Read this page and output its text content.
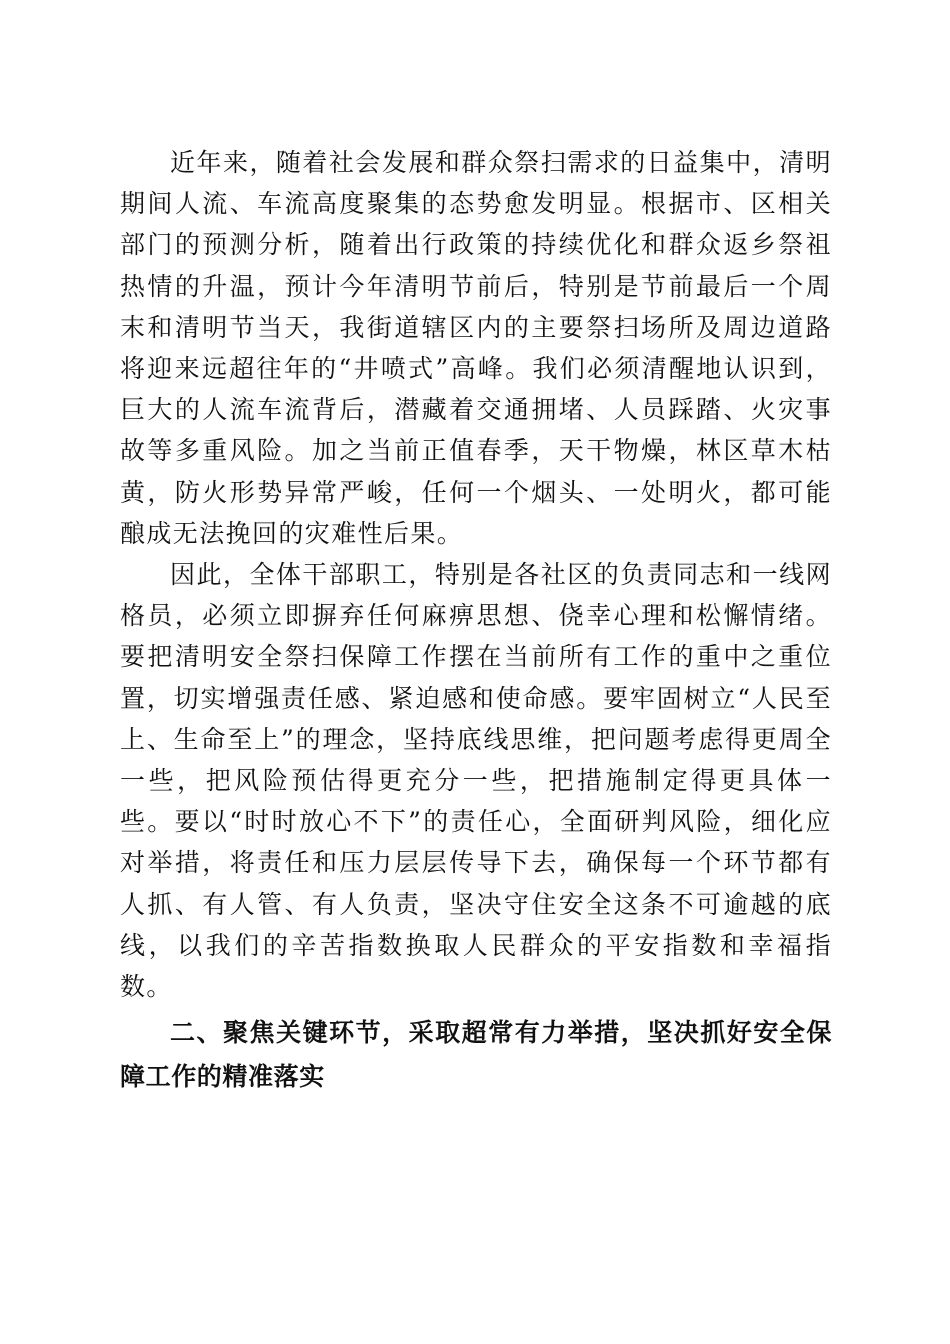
近年来，随着社会发展和群众祭扫需求的日益集中，清明期间人流、车流高度聚集的态势愈发明显。根据市、区相关部门的预测分析，随着出行政策的持续优化和群众返乡祭祖热情的升温，预计今年清明节前后，特别是节前最后一个周末和清明节当天，我街道辖区内的主要祭扫场所及周边道路将迎来远超往年的“井喷式”高峰。我们必须清醒地认识到，巨大的人流车流背后，潜藏着交通拥堵、人员踩踏、火灾事故等多重风险。加之当前正值春季，天干物燥，林区草木枯黄，防火形势异常严峻，任何一个烟头、一处明火，都可能酿成无法挽回的灾难性后果。

因此，全体干部职工，特别是各社区的负责同志和一线网格员，必须立即摒弃任何麻痹思想、侥幸心理和松懈情绪。要把清明安全祭扫保障工作摆在当前所有工作的重中之重位置，切实增强责任感、紧迫感和使命感。要牢固树立“人民至上、生命至上”的理念，坚持底线思维，把问题考虑得更周全一些，把风险预估得更充分一些，把措施制定得更具体一些。要以“时时放心不下”的责任心，全面研判风险，细化应对举措，将责任和压力层层传导下去，确保每一个环节都有人抓、有人管、有人负责，坚决守住安全这条不可逾越的底线，以我们的辛苦指数换取人民群众的平安指数和幸福指数。

二、聚焦关键环节，采取超常有力举措，坚决抓好安全保障工作的精准落实
